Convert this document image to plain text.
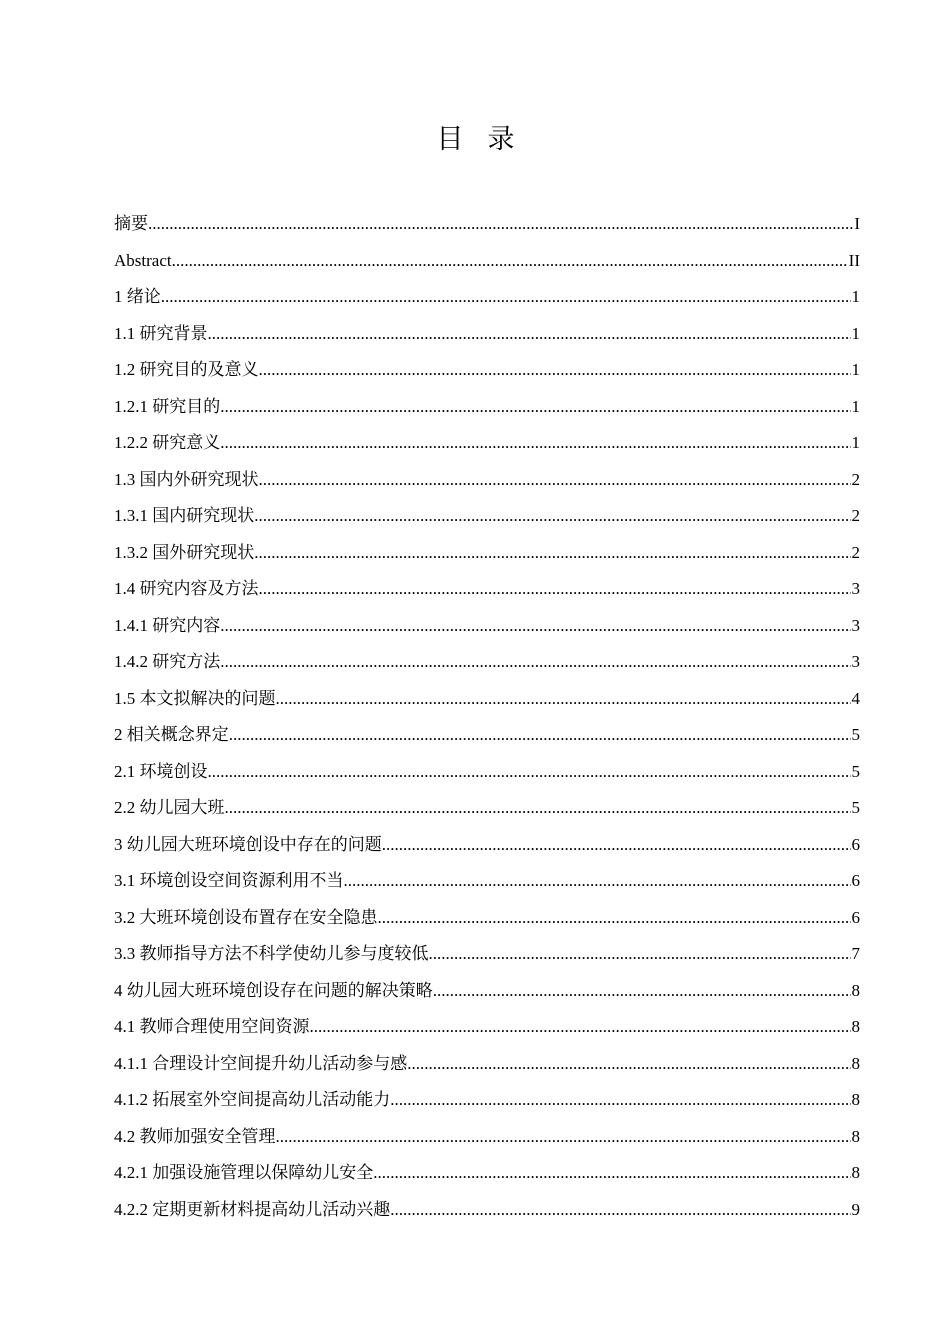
目录
摘要 .....	I
Abstract .....	II
1 绪论 .....	1
1.1 研究背景 .....	1
1.2 研究目的及意义 .....	1
1.2.1 研究目的 .....	1
1.2.2 研究意义 .....	1
1.3 国内外研究现状 .....	2
1.3.1 国内研究现状 .....	2
1.3.2 国外研究现状 .....	2
1.4 研究内容及方法 .....	3
1.4.1 研究内容 .....	3
1.4.2 研究方法 .....	3
1.5 本文拟解决的问题 .....	4
2 相关概念界定 .....	5
2.1 环境创设 .....	5
2.2 幼儿园大班 .....	5
3 幼儿园大班环境创设中存在的问题 .....	6
3.1 环境创设空间资源利用不当 .....	6
3.2 大班环境创设布置存在安全隐患 .....	6
3.3 教师指导方法不科学使幼儿参与度较低 .....	7
4 幼儿园大班环境创设存在问题的解决策略 .....	8
4.1 教师合理使用空间资源 .....	8
4.1.1 合理设计空间提升幼儿活动参与感 .....	8
4.1.2 拓展室外空间提高幼儿活动能力 .....	8
4.2 教师加强安全管理 .....	8
4.2.1 加强设施管理以保障幼儿安全 .....	8
4.2.2 定期更新材料提高幼儿活动兴趣 .....	9
